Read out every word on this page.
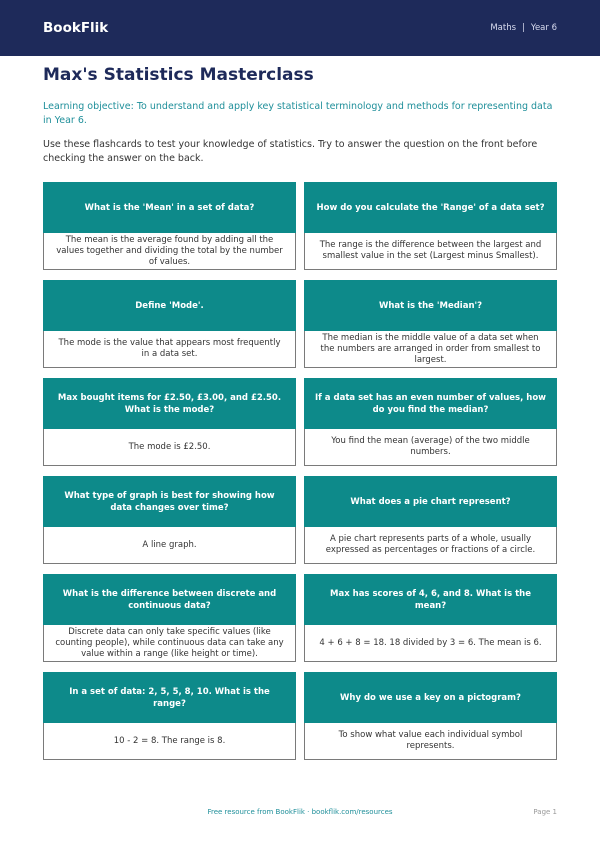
BookFlik	Maths | Year 6
Max's Statistics Masterclass

Learning objective: To understand and apply key statistical terminology and methods for representing data in Year 6.

Use these flashcards to test your knowledge of statistics. Try to answer the question on the front before checking the answer on the back.

What is the 'Mean' in a set of data?
The mean is the average found by adding all the values together and dividing the total by the number of values.
How do you calculate the 'Range' of a data set?
The range is the difference between the largest and smallest value in the set (Largest minus Smallest).
Define 'Mode'.
The mode is the value that appears most frequently in a data set.
What is the 'Median'?
The median is the middle value of a data set when the numbers are arranged in order from smallest to largest.
Max bought items for £2.50, £3.00, and £2.50. What is the mode?
The mode is £2.50.
If a data set has an even number of values, how do you find the median?
You find the mean (average) of the two middle numbers.
What type of graph is best for showing how data changes over time?
A line graph.
What does a pie chart represent?
A pie chart represents parts of a whole, usually expressed as percentages or fractions of a circle.
What is the difference between discrete and continuous data?
Discrete data can only take specific values (like counting people), while continuous data can take any value within a range (like height or time).
Max has scores of 4, 6, and 8. What is the mean?
4 + 6 + 8 = 18. 18 divided by 3 = 6. The mean is 6.
In a set of data: 2, 5, 5, 8, 10. What is the range?
10 - 2 = 8. The range is 8.
Why do we use a key on a pictogram?
To show what value each individual symbol represents.
Free resource from BookFlik · bookflik.com/resources	Page 1
